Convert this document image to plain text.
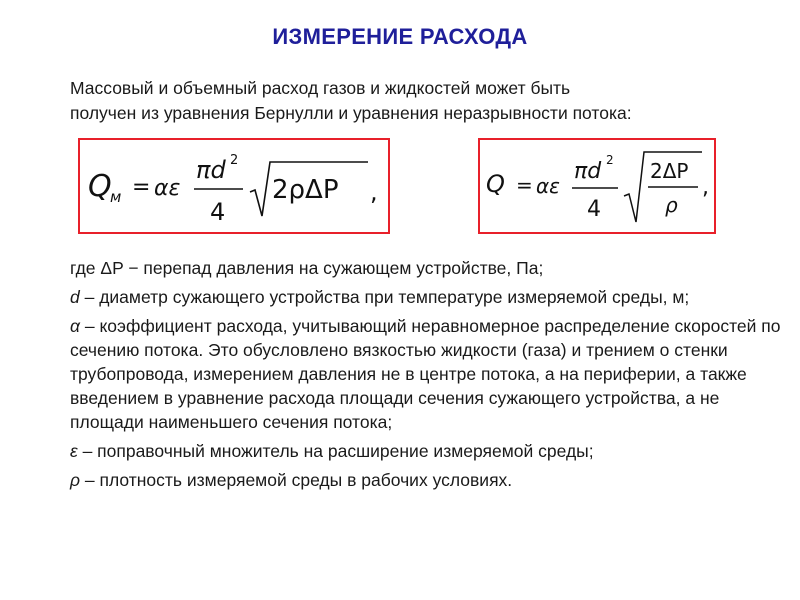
ИЗМЕРЕНИЕ РАСХОДА
Массовый и объемный расход газов и жидкостей может быть
получен из уравнения Бернулли и уравнения неразрывности потока:
Q
м = αε
πd 2
4
2ρΔP ,	Q = αε
πd 2
4
2ΔP
ρ
,

где ΔP − перепад давления на сужающем устройстве, Па;

d – диаметр сужающего устройства при температуре измеряемой среды, м;

α – коэффициент расхода, учитывающий неравномерное распределение скоростей по сечению потока. Это обусловлено вязкостью жидкости (газа) и трением о стенки трубопровода, измерением давления не в центре потока, а на периферии, а также введением в уравнение расхода площади сечения сужающего устройства, а не площади наименьшего сечения потока;

ε – поправочный множитель на расширение измеряемой среды;

ρ – плотность измеряемой среды в рабочих условиях.
